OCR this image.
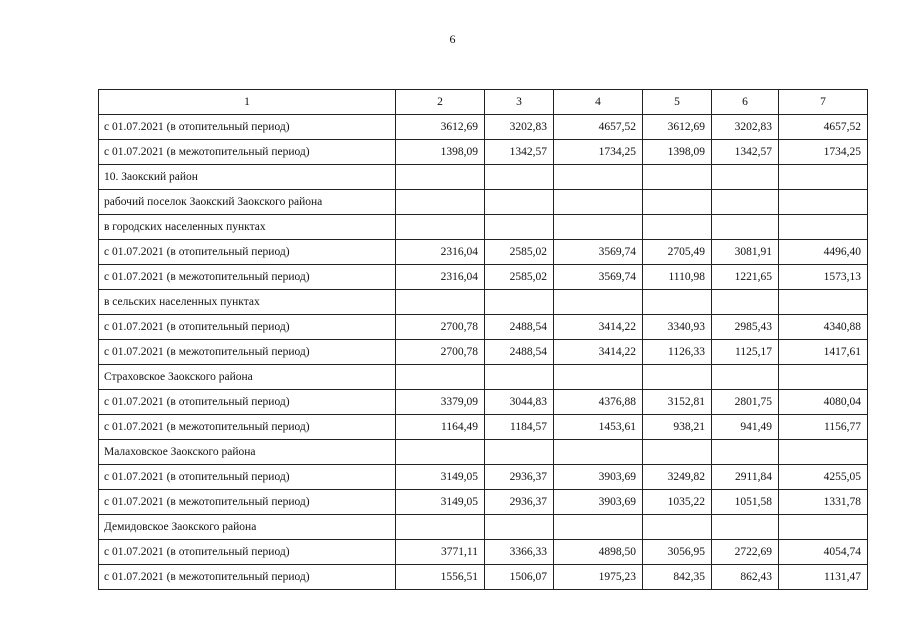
6
1	2	3	4	5	6	7
с 01.07.2021 (в отопительный период)	3612,69	3202,83	4657,52	3612,69	3202,83	4657,52
с 01.07.2021 (в межотопительный период)	1398,09	1342,57	1734,25	1398,09	1342,57	1734,25
10. Заокский район						
рабочий поселок Заокский Заокского района						
в городских населенных пунктах						
с 01.07.2021 (в отопительный период)	2316,04	2585,02	3569,74	2705,49	3081,91	4496,40
с 01.07.2021 (в межотопительный период)	2316,04	2585,02	3569,74	1110,98	1221,65	1573,13
в сельских населенных пунктах						
с 01.07.2021 (в отопительный период)	2700,78	2488,54	3414,22	3340,93	2985,43	4340,88
с 01.07.2021 (в межотопительный период)	2700,78	2488,54	3414,22	1126,33	1125,17	1417,61
Страховское Заокского района						
с 01.07.2021 (в отопительный период)	3379,09	3044,83	4376,88	3152,81	2801,75	4080,04
с 01.07.2021 (в межотопительный период)	1164,49	1184,57	1453,61	938,21	941,49	1156,77
Малаховское Заокского района						
с 01.07.2021 (в отопительный период)	3149,05	2936,37	3903,69	3249,82	2911,84	4255,05
с 01.07.2021 (в межотопительный период)	3149,05	2936,37	3903,69	1035,22	1051,58	1331,78
Демидовское Заокского района						
с 01.07.2021 (в отопительный период)	3771,11	3366,33	4898,50	3056,95	2722,69	4054,74
с 01.07.2021 (в межотопительный период)	1556,51	1506,07	1975,23	842,35	862,43	1131,47
